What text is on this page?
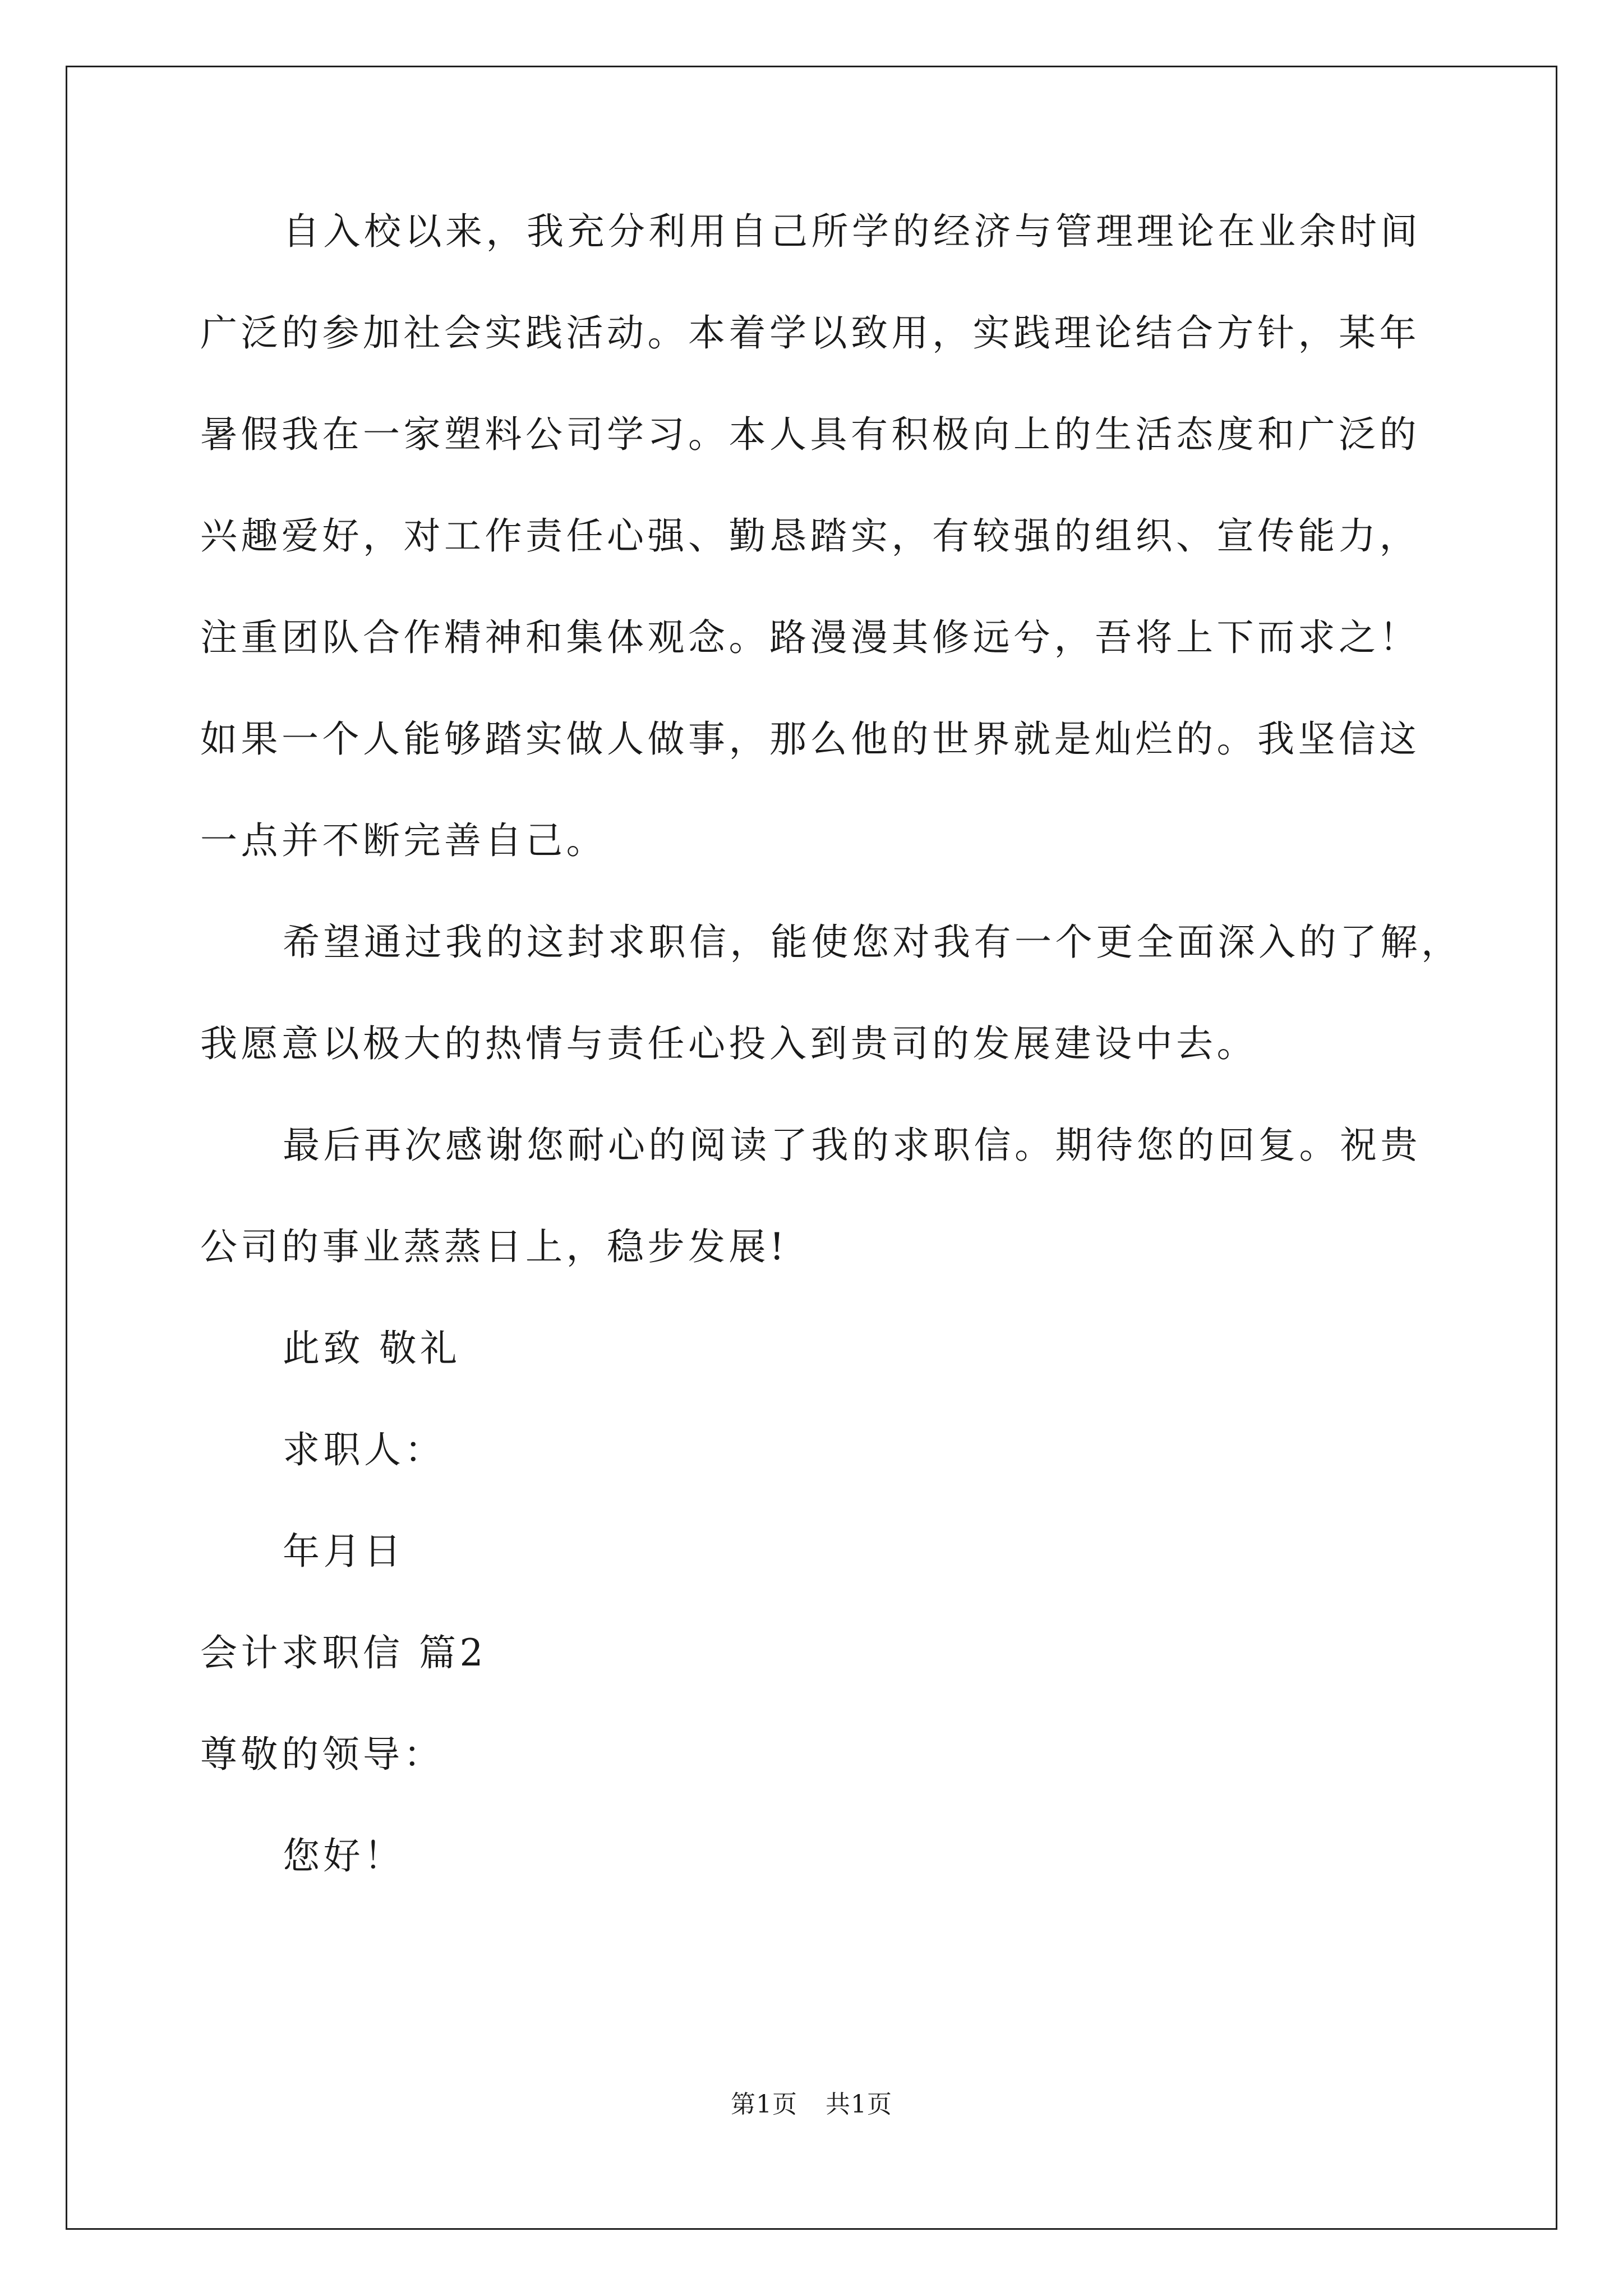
自入校以来，我充分利用自己所学的经济与管理理论在业余时间
广泛的参加社会实践活动。本着学以致用，实践理论结合方针，某年
暑假我在一家塑料公司学习。本人具有积极向上的生活态度和广泛的
兴趣爱好，对工作责任心强、勤恳踏实，有较强的组织、宣传能力，
注重团队合作精神和集体观念。路漫漫其修远兮，吾将上下而求之！
如果一个人能够踏实做人做事，那么他的世界就是灿烂的。我坚信这
一点并不断完善自己。
希望通过我的这封求职信，能使您对我有一个更全面深入的了解，
我愿意以极大的热情与责任心投入到贵司的发展建设中去。
最后再次感谢您耐心的阅读了我的求职信。期待您的回复。祝贵
公司的事业蒸蒸日上，稳步发展!
此致 敬礼
求职人：
年月日
会计求职信 篇2
尊敬的领导：
您好！
第1页 共1页
